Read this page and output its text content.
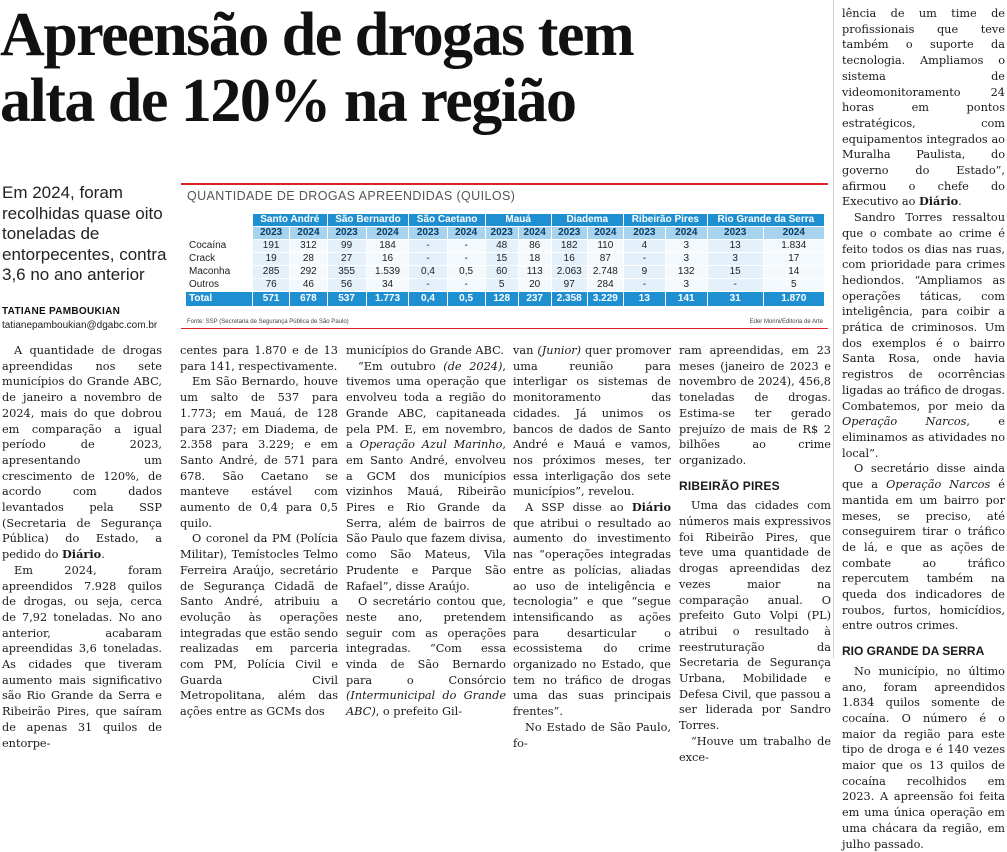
Apreensão de drogas tem
alta de 120% na região
Em 2024, foram recolhidas quase oito toneladas de entorpecentes, contra 3,6 no ano anterior
TATIANE PAMBOUKIAN
tatianepamboukian@dgabc.com.br
QUANTIDADE DE DROGAS APREENDIDAS (QUILOS)
	Santo André		São Bernardo		São Caetano		Mauá		Diadema		Ribeirão Pires		Rio Grande da Serra	
	2023	2024	2023	2024	2023	2024	2023	2024	2023	2024	2023	2024	2023	2024
Cocaína	191	312	99	184	-	-	48	86	182	110	4	3	13	1.834
Crack	19	28	27	16	-	-	15	18	16	87	-	3	3	17
Maconha	285	292	355	1.539	0,4	0,5	60	113	2.063	2.748	9	132	15	14
Outros	76	46	56	34	-	-	5	20	97	284	-	3	-	5
Total	571	678	537	1.773	0,4	0,5	128	237	2.358	3.229	13	141	31	1.870
Fonte: SSP (Secretaria de Segurança Pública de São Paulo)	Eder Morini/Editoria de Arte

A quantidade de drogas apreendidas nos sete municípios do Grande ABC, de janeiro a novembro de 2024, mais do que dobrou em comparação a igual período de 2023, apresentando um crescimento de 120%, de acordo com dados levantados pela SSP (Secretaria de Segurança Pública) do Estado, a pedido do Diário.

Em 2024, foram apreendidos 7.928 quilos de drogas, ou seja, cerca de 7,92 toneladas. No ano anterior, acabaram apreendidas 3,6 toneladas. As cidades que tiveram aumento mais significativo são Rio Grande da Serra e Ribeirão Pires, que saíram de apenas 31 quilos de entorpe-

centes para 1.870 e de 13 para 141, respectivamente.

Em São Bernardo, houve um salto de 537 para 1.773; em Mauá, de 128 para 237; em Diadema, de 2.358 para 3.229; e em Santo André, de 571 para 678. São Caetano se manteve estável com aumento de 0,4 para 0,5 quilo.

O coronel da PM (Polícia Militar), Temístocles Telmo Ferreira Araújo, secretário de Segurança Cidadã de Santo André, atribuiu a evolução às operações integradas que estão sendo realizadas em parceria com PM, Polícia Civil e Guarda Civil Metropolitana, além das ações entre as GCMs dos

municípios do Grande ABC.

“Em outubro (de 2024), tivemos uma operação que envolveu toda a região do Grande ABC, capitaneada pela PM. E, em novembro, a Operação Azul Marinho, em Santo André, envolveu a GCM dos municípios vizinhos Mauá, Ribeirão Pires e Rio Grande da Serra, além de bairros de São Paulo que fazem divisa, como São Mateus, Vila Prudente e Parque São Rafael”, disse Araújo.

O secretário contou que, neste ano, pretendem seguir com as operações integradas. “Com essa vinda de São Bernardo para o Consórcio (Intermunicipal do Grande ABC), o prefeito Gil-

van (Junior) quer promover uma reunião para interligar os sistemas de monitoramento das cidades. Já unimos os bancos de dados de Santo André e Mauá e vamos, nos próximos meses, ter essa interligação dos sete municípios”, revelou.

A SSP disse ao Diário que atribui o resultado ao aumento do investimento nas “operações integradas entre as polícias, aliadas ao uso de inteligência e tecnologia” e que “segue intensificando as ações para desarticular o ecossistema do crime organizado no Estado, que tem no tráfico de drogas uma das suas principais frentes”.

No Estado de São Paulo, fo-

ram apreendidas, em 23 meses (janeiro de 2023 e novembro de 2024), 456,8 toneladas de drogas. Estima-se ter gerado prejuízo de mais de R$ 2 bilhões ao crime organizado.

RIBEIRÃO PIRES

Uma das cidades com números mais expressivos foi Ribeirão Pires, que teve uma quantidade de drogas apreendidas dez vezes maior na comparação anual. O prefeito Guto Volpi (PL) atribui o resultado à reestruturação da Secretaria de Segurança Urbana, Mobilidade e Defesa Civil, que passou a ser liderada por Sandro Torres.

“Houve um trabalho de exce-

lência de um time de profissionais que teve também o suporte da tecnologia. Ampliamos o sistema de videomonitoramento 24 horas em pontos estratégicos, com equipamentos integrados ao Muralha Paulista, do governo do Estado”, afirmou o chefe do Executivo ao Diário.

Sandro Torres ressaltou que o combate ao crime é feito todos os dias nas ruas, com prioridade para crimes hediondos. “Ampliamos as operações táticas, com inteligência, para coibir a prática de criminosos. Um dos exemplos é o bairro Santa Rosa, onde havia registros de ocorrências ligadas ao tráfico de drogas. Combatemos, por meio da Operação Narcos, e eliminamos as atividades no local”.

O secretário disse ainda que a Operação Narcos é mantida em um bairro por meses, se preciso, até conseguirem tirar o tráfico de lá, e que as ações de combate ao tráfico repercutem também na queda dos indicadores de roubos, furtos, homicídios, entre outros crimes.

RIO GRANDE DA SERRA

No município, no último ano, foram apreendidos 1.834 quilos somente de cocaína. O número é o maior da região para este tipo de droga e é 140 vezes maior que os 13 quilos de cocaína recolhidos em 2023. A apreensão foi feita em uma única operação em uma chácara da região, em julho passado.
